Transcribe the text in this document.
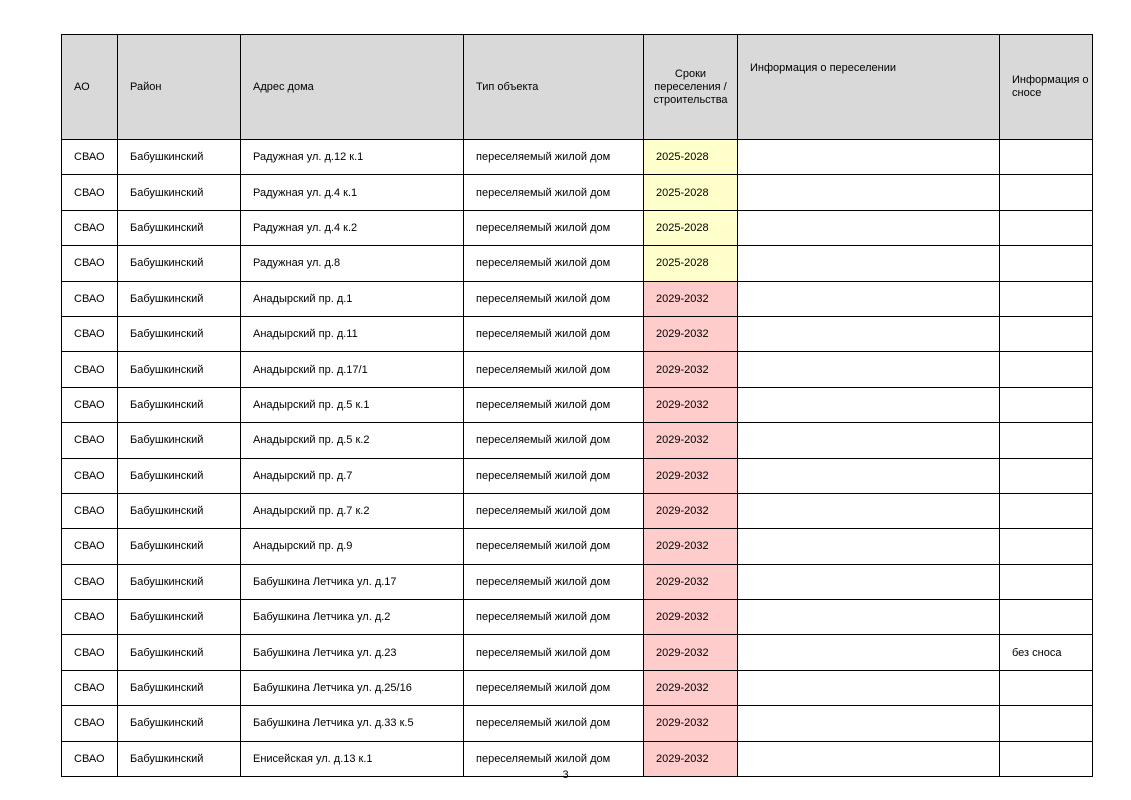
АО	Район	Адрес дома	Тип объекта	Сроки переселения / строительства	Информация о переселении	Информация о сносе
СВАО	Бабушкинский	Радужная ул. д.12 к.1	переселяемый жилой дом	2025-2028		
СВАО	Бабушкинский	Радужная ул. д.4 к.1	переселяемый жилой дом	2025-2028		
СВАО	Бабушкинский	Радужная ул. д.4 к.2	переселяемый жилой дом	2025-2028		
СВАО	Бабушкинский	Радужная ул. д.8	переселяемый жилой дом	2025-2028		
СВАО	Бабушкинский	Анадырский пр. д.1	переселяемый жилой дом	2029-2032		
СВАО	Бабушкинский	Анадырский пр. д.11	переселяемый жилой дом	2029-2032		
СВАО	Бабушкинский	Анадырский пр. д.17/1	переселяемый жилой дом	2029-2032		
СВАО	Бабушкинский	Анадырский пр. д.5 к.1	переселяемый жилой дом	2029-2032		
СВАО	Бабушкинский	Анадырский пр. д.5 к.2	переселяемый жилой дом	2029-2032		
СВАО	Бабушкинский	Анадырский пр. д.7	переселяемый жилой дом	2029-2032		
СВАО	Бабушкинский	Анадырский пр. д.7 к.2	переселяемый жилой дом	2029-2032		
СВАО	Бабушкинский	Анадырский пр. д.9	переселяемый жилой дом	2029-2032		
СВАО	Бабушкинский	Бабушкина Летчика ул. д.17	переселяемый жилой дом	2029-2032		
СВАО	Бабушкинский	Бабушкина Летчика ул. д.2	переселяемый жилой дом	2029-2032		
СВАО	Бабушкинский	Бабушкина Летчика ул. д.23	переселяемый жилой дом	2029-2032		без сноса
СВАО	Бабушкинский	Бабушкина Летчика ул. д.25/16	переселяемый жилой дом	2029-2032		
СВАО	Бабушкинский	Бабушкина Летчика ул. д.33 к.5	переселяемый жилой дом	2029-2032		
СВАО	Бабушкинский	Енисейская ул. д.13 к.1	переселяемый жилой дом	2029-2032		
3
